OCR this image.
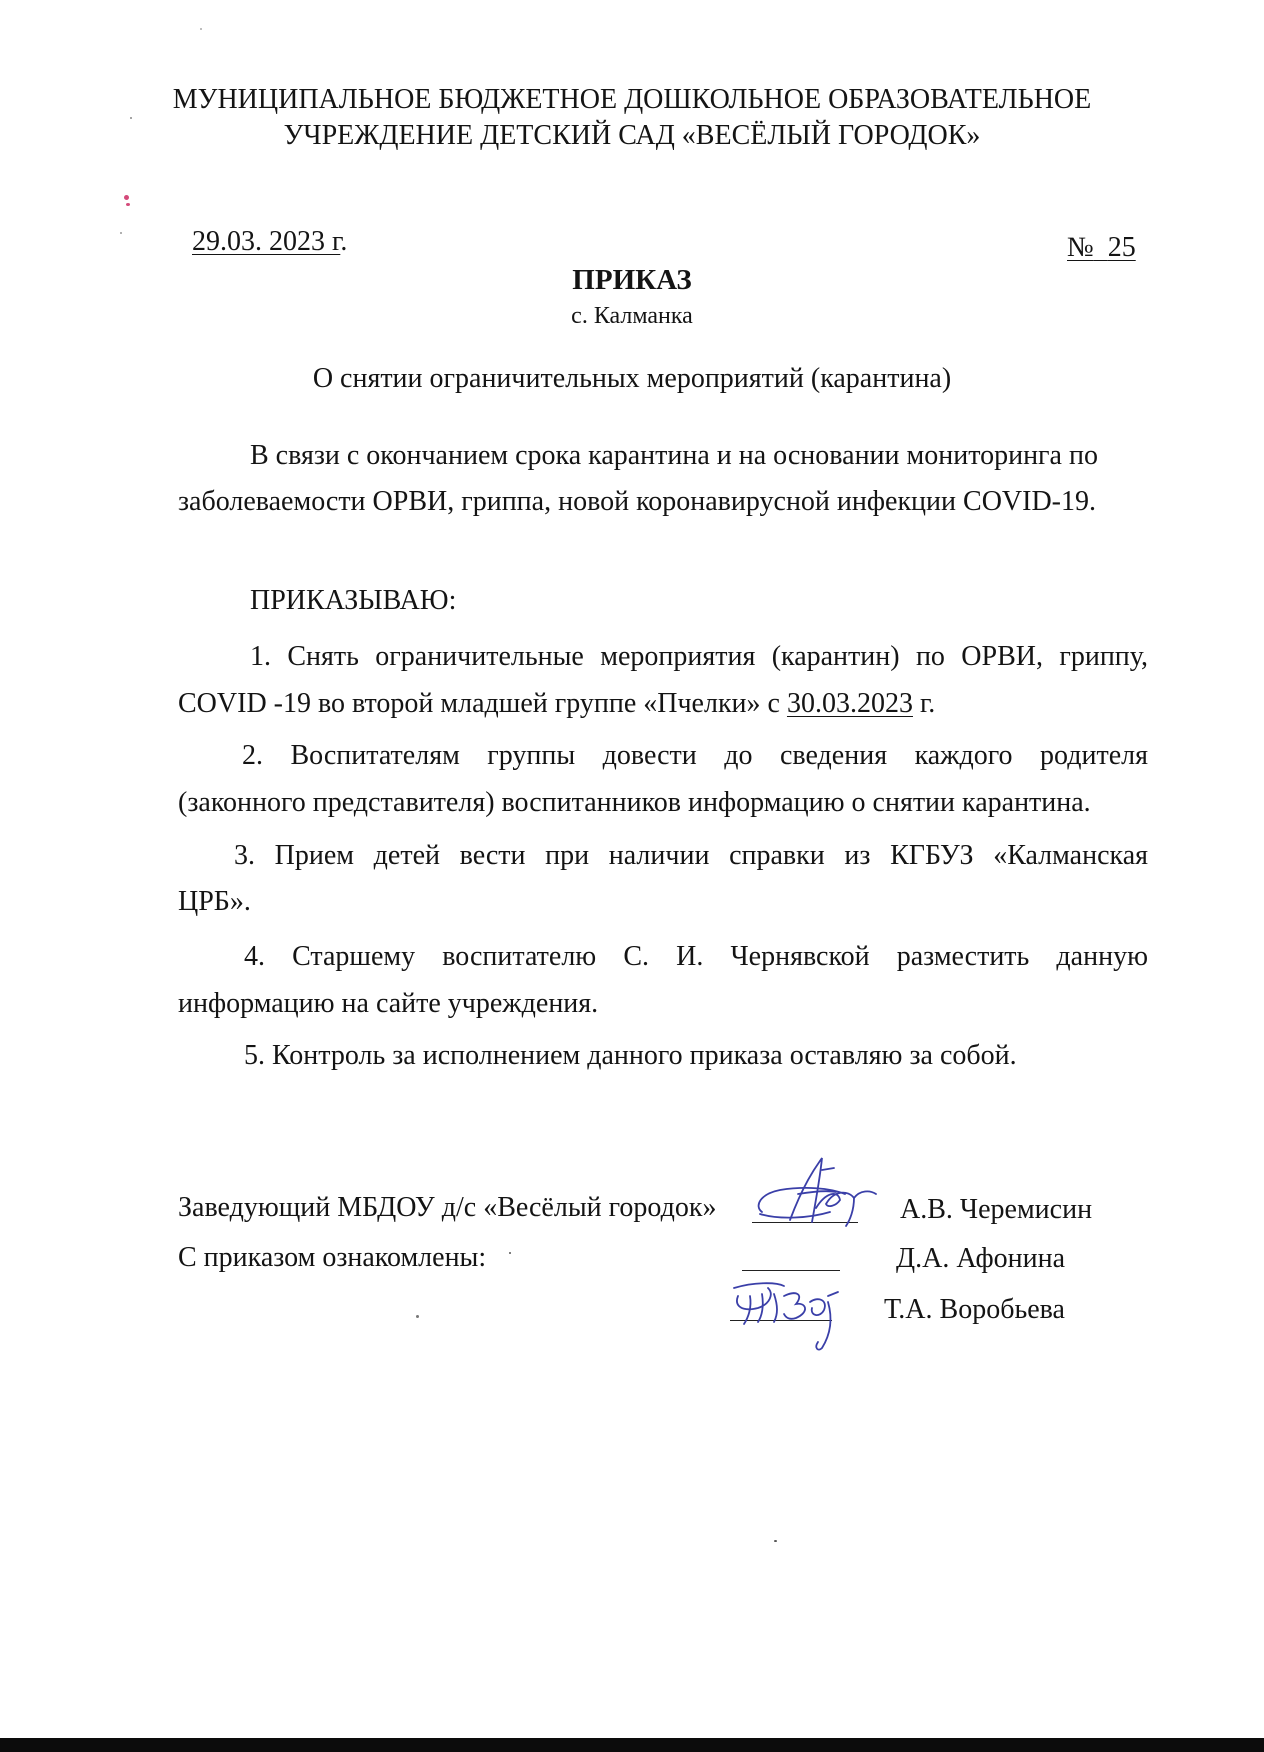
МУНИЦИПАЛЬНОЕ БЮДЖЕТНОЕ ДОШКОЛЬНОЕ ОБРАЗОВАТЕЛЬНОЕ
УЧРЕЖДЕНИЕ ДЕТСКИЙ САД «ВЕСЁЛЫЙ ГОРОДОК»
29.03. 2023 г.	№ 25
ПРИКАЗ
с. Калманка
О снятии ограничительных мероприятий (карантина)
В связи с окончанием срока карантина и на основании мониторинга по
заболеваемости ОРВИ, гриппа, новой коронавирусной инфекции COVID-19.
ПРИКАЗЫВАЮ:
1. Снять ограничительные мероприятия (карантин) по ОРВИ, гриппу,
COVID -19 во второй младшей группе «Пчелки» с 30.03.2023 г.
2. Воспитателям группы довести до сведения каждого родителя
(законного представителя) воспитанников информацию о снятии карантина.
3. Прием детей вести при наличии справки из КГБУЗ «Калманская
ЦРБ».
4. Старшему воспитателю С. И. Чернявской разместить данную
информацию на сайте учреждения.
5. Контроль за исполнением данного приказа оставляю за собой.
Заведующий МБДОУ д/с «Весёлый городок»	А.В. Черемисин
С приказом ознакомлены:	Д.А. Афонина
Т.А. Воробьева
